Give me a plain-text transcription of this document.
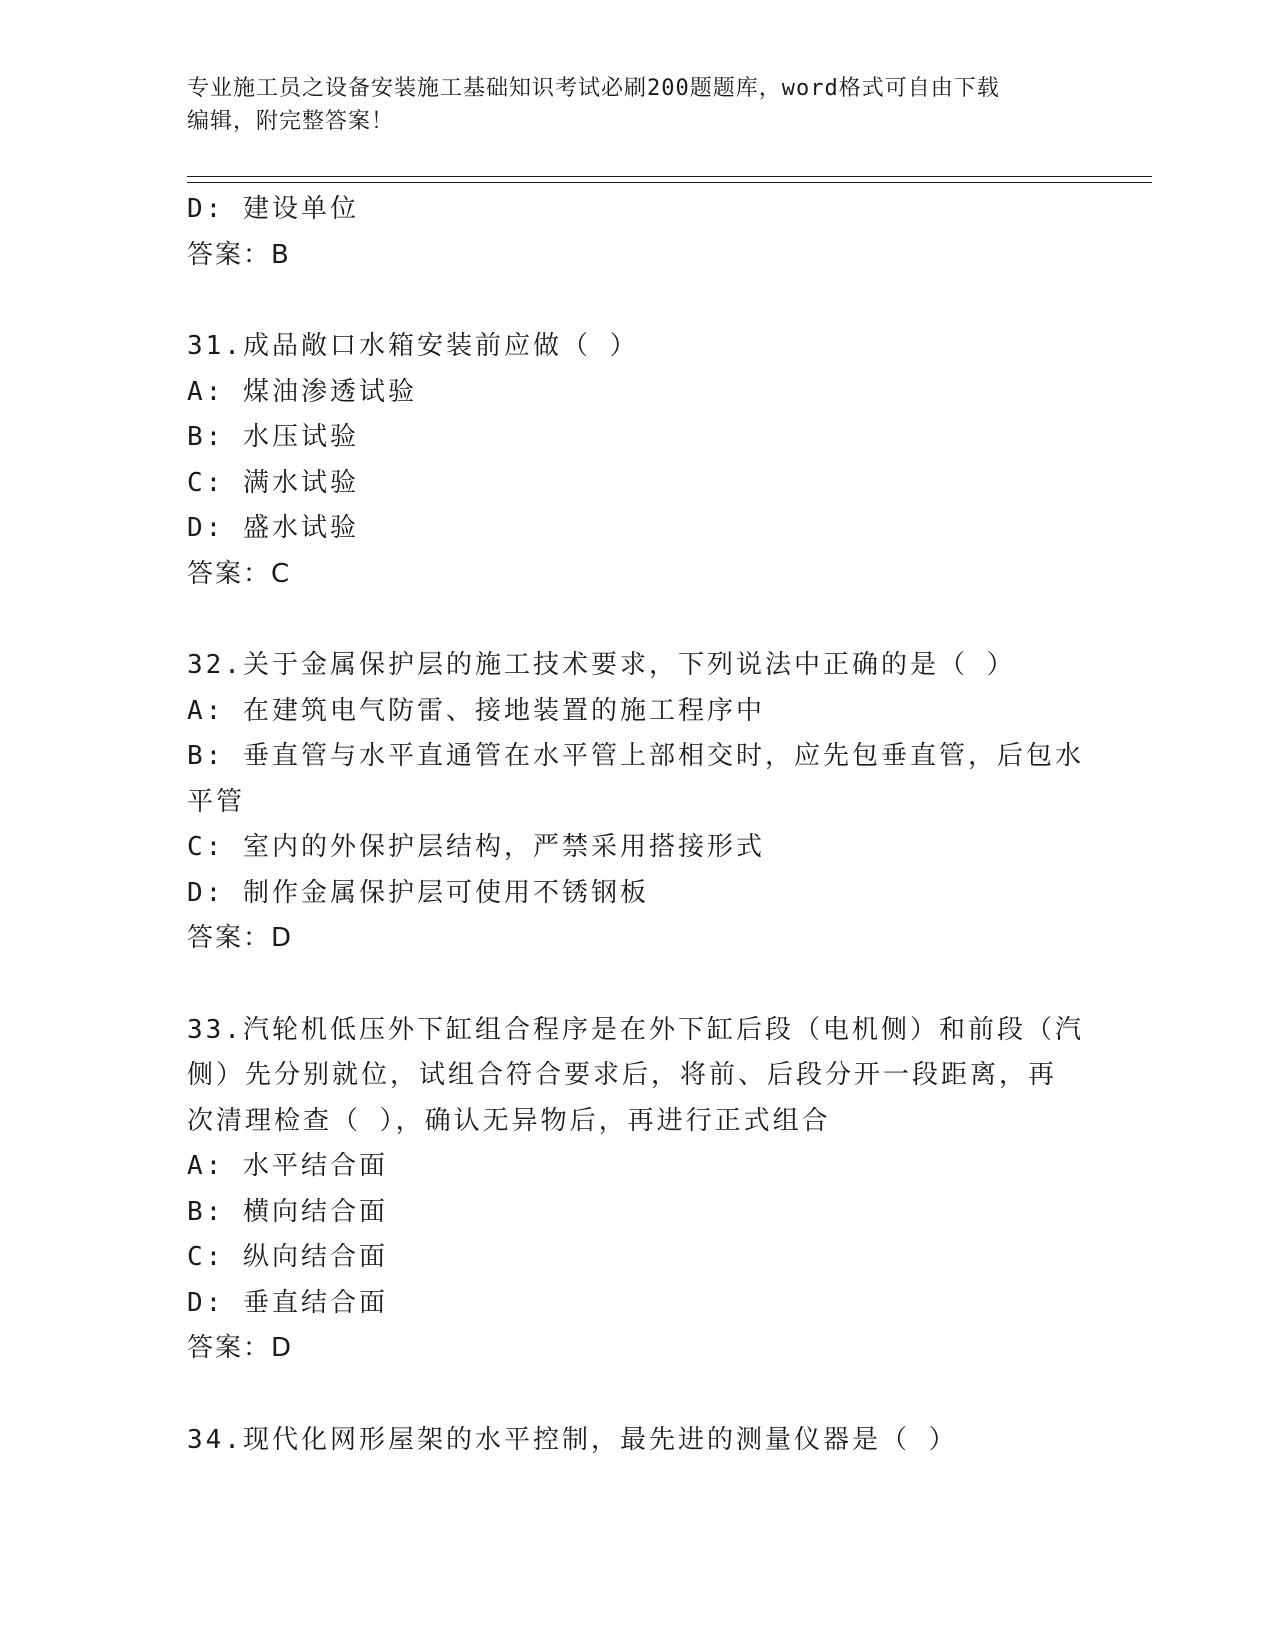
专业施工员之设备安装施工基础知识考试必刷200题题库，word格式可自由下载
编辑，附完整答案！
D: 建设单位
答案：B
31.成品敞口水箱安装前应做（ ）
A: 煤油渗透试验
B: 水压试验
C: 满水试验
D: 盛水试验
答案：C
32.关于金属保护层的施工技术要求，下列说法中正确的是（ ）
A: 在建筑电气防雷、接地装置的施工程序中
B: 垂直管与水平直通管在水平管上部相交时，应先包垂直管，后包水
平管
C: 室内的外保护层结构，严禁采用搭接形式
D: 制作金属保护层可使用不锈钢板
答案：D
33.汽轮机低压外下缸组合程序是在外下缸后段（电机侧）和前段（汽
侧）先分别就位，试组合符合要求后，将前、后段分开一段距离，再
次清理检查（ ），确认无异物后，再进行正式组合
A: 水平结合面
B: 横向结合面
C: 纵向结合面
D: 垂直结合面
答案：D
34.现代化网形屋架的水平控制，最先进的测量仪器是（ ）
